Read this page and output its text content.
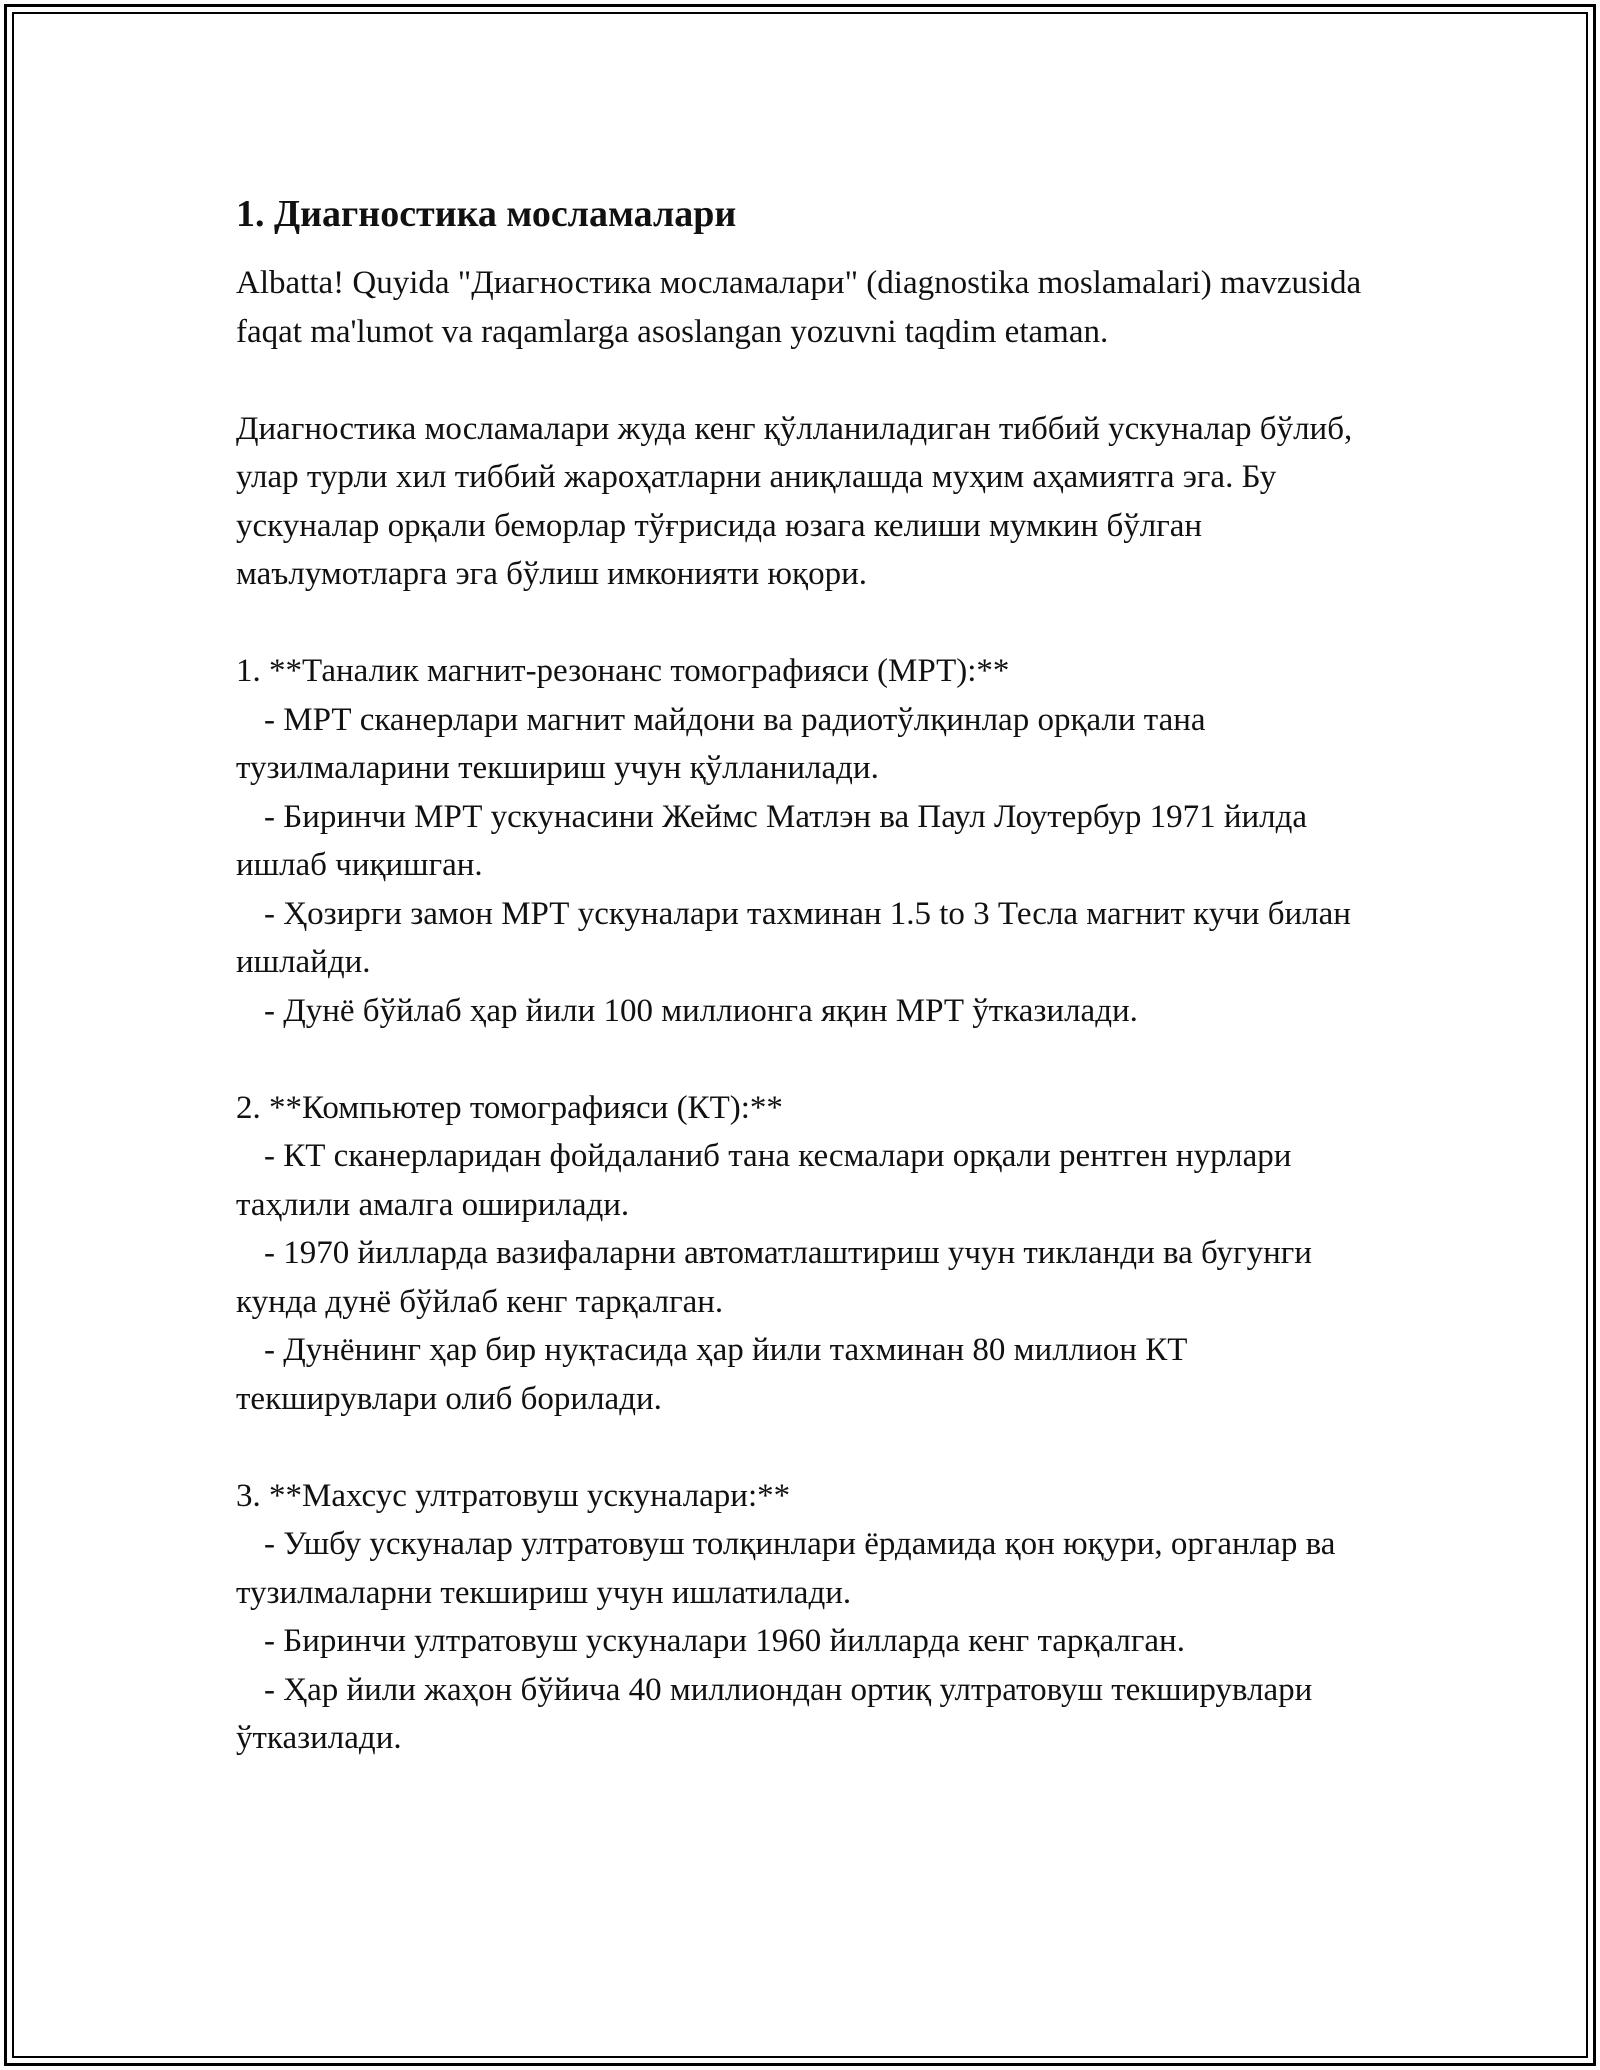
1. Диагностика мосламалари

Albatta! Quyida "Диагностика мосламалари" (diagnostika moslamalari) mavzusida faqat ma'lumot va raqamlarga asoslangan yozuvni taqdim etaman.

Диагностика мосламалари жуда кенг қўлланиладиган тиббий ускуналар бўлиб, улар турли хил тиббий жароҳатларни аниқлашда муҳим аҳамиятга эга. Бу ускуналар орқали беморлар тўғрисида юзага келиши мумкин бўлган маълумотларга эга бўлиш имконияти юқори.

1. **Таналик магнит-резонанс томографияси (МРТ):**

- МРТ сканерлари магнит майдони ва радиотўлқинлар орқали тана тузилмаларини текшириш учун қўлланилади.

- Биринчи МРТ ускунасини Жеймс Матлэн ва Паул Лоутербур 1971 йилда ишлаб чиқишган.

- Ҳозирги замон МРТ ускуналари тахминан 1.5 to 3 Тесла магнит кучи билан ишлайди.

- Дунё бўйлаб ҳар йили 100 миллионга яқин МРТ ўтказилади.

2. **Компьютер томографияси (КТ):**

- КТ сканерларидан фойдаланиб тана кесмалари орқали рентген нурлари таҳлили амалга оширилади.

- 1970 йилларда вазифаларни автоматлаштириш учун тикланди ва бугунги кунда дунё бўйлаб кенг тарқалган.

- Дунёнинг ҳар бир нуқтасида ҳар йили тахминан 80 миллион КТ текширувлари олиб борилади.

3. **Махсус ултратовуш ускуналари:**

- Ушбу ускуналар ултратовуш толқинлари ёрдамида қон юқури, органлар ва тузилмаларни текшириш учун ишлатилади.

- Биринчи ултратовуш ускуналари 1960 йилларда кенг тарқалган.

- Ҳар йили жаҳон бўйича 40 миллиондан ортиқ ултратовуш текширувлари ўтказилади.
